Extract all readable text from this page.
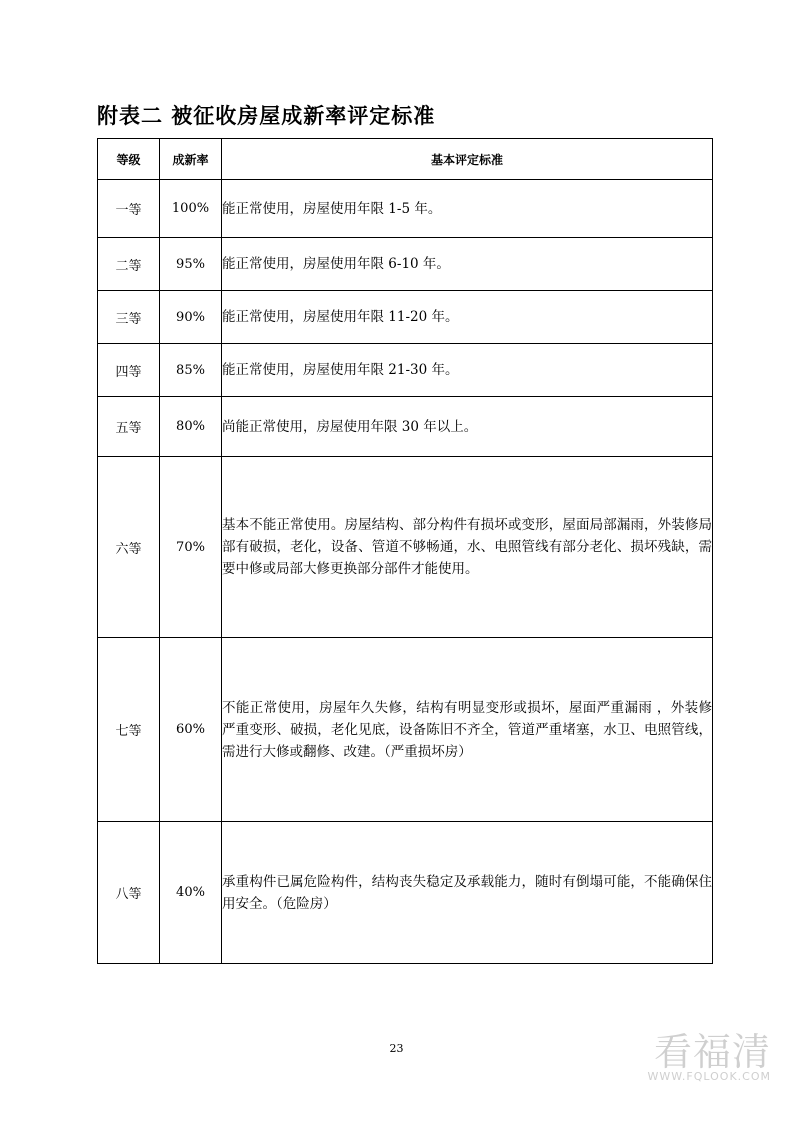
附表二 被征收房屋成新率评定标准
等级	成新率	基本评定标准
一等	100%	能正常使用，房屋使用年限 1-5 年。
二等	95%	能正常使用，房屋使用年限 6-10 年。
三等	90%	能正常使用，房屋使用年限 11-20 年。
四等	85%	能正常使用，房屋使用年限 21-30 年。
五等	80%	尚能正常使用，房屋使用年限 30 年以上。
六等	70%	基本不能正常使用。房屋结构、部分构件有损坏或变形，屋面局部漏雨，外装修局部有破损，老化，设备、管道不够畅通，水、电照管线有部分老化、损坏残缺，需要中修或局部大修更换部分部件才能使用。
七等	60%	不能正常使用，房屋年久失修，结构有明显变形或损坏，屋面严重漏雨 ，外装修严重变形、破损，老化见底，设备陈旧不齐全，管道严重堵塞，水卫、电照管线，需进行大修或翻修、改建。（严重损坏房）
八等	40%	承重构件已属危险构件，结构丧失稳定及承载能力，随时有倒塌可能，不能确保住用安全。（危险房）
23	看福清
WWW.FQLOOK.COM
